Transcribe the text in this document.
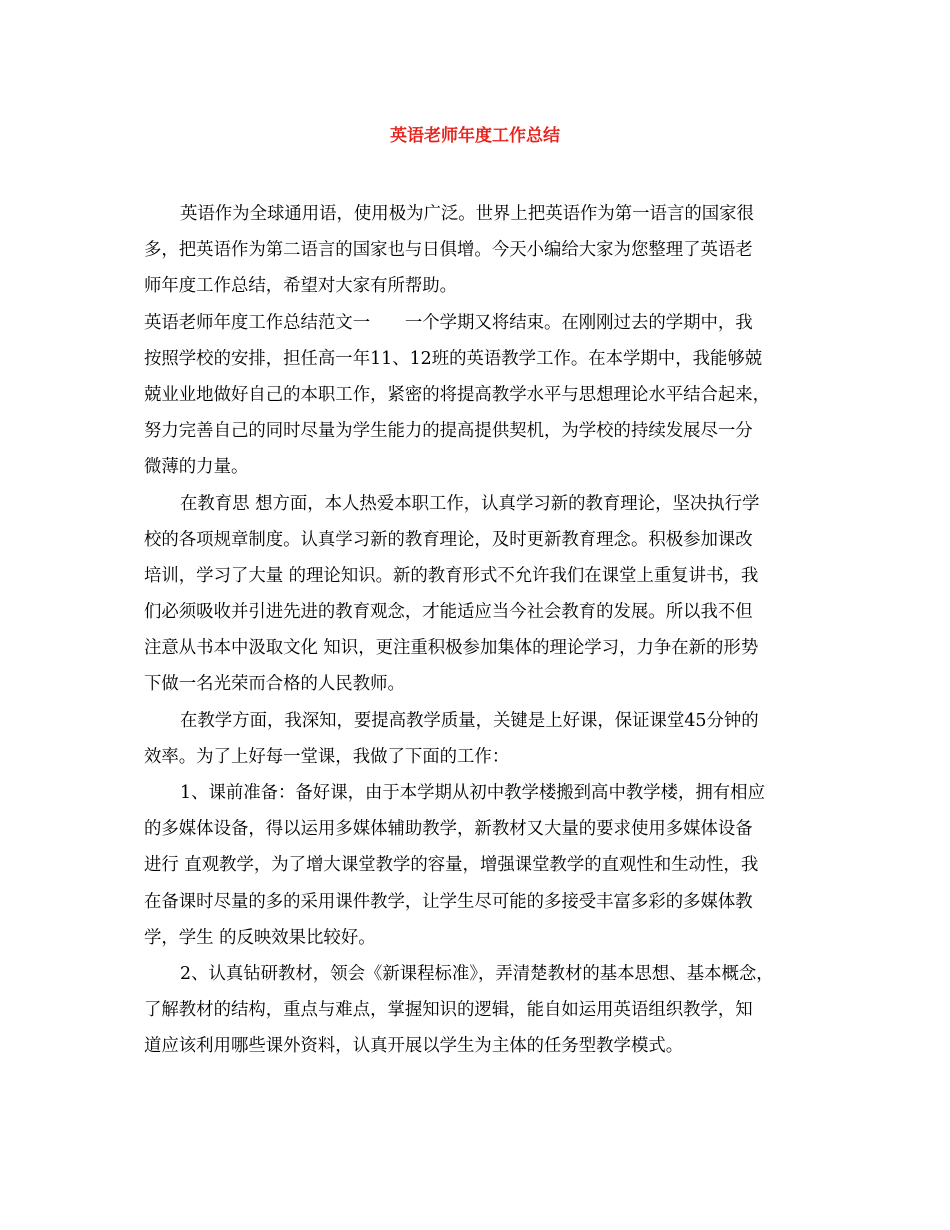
英语老师年度工作总结
英语作为全球通用语，使用极为广泛。世界上把英语作为第一语言的国家很
多，把英语作为第二语言的国家也与日俱增。今天小编给大家为您整理了英语老
师年度工作总结，希望对大家有所帮助。
英语老师年度工作总结范文一　　一个学期又将结束。在刚刚过去的学期中，我
按照学校的安排，担任高一年11、12班的英语教学工作。在本学期中，我能够兢
兢业业地做好自己的本职工作，紧密的将提高教学水平与思想理论水平结合起来，
努力完善自己的同时尽量为学生能力的提高提供契机，为学校的持续发展尽一分
微薄的力量。
在教育思 想方面，本人热爱本职工作，认真学习新的教育理论，坚决执行学
校的各项规章制度。认真学习新的教育理论，及时更新教育理念。积极参加课改
培训，学习了大量 的理论知识。新的教育形式不允许我们在课堂上重复讲书，我
们必须吸收并引进先进的教育观念，才能适应当今社会教育的发展。所以我不但
注意从书本中汲取文化 知识，更注重积极参加集体的理论学习，力争在新的形势
下做一名光荣而合格的人民教师。
在教学方面，我深知，要提高教学质量，关键是上好课，保证课堂45分钟的
效率。为了上好每一堂课，我做了下面的工作：
1、课前准备：备好课，由于本学期从初中教学楼搬到高中教学楼，拥有相应
的多媒体设备，得以运用多媒体辅助教学，新教材又大量的要求使用多媒体设备
进行 直观教学，为了增大课堂教学的容量，增强课堂教学的直观性和生动性，我
在备课时尽量的多的采用课件教学，让学生尽可能的多接受丰富多彩的多媒体教
学，学生 的反映效果比较好。
2、认真钻研教材，领会《新课程标准》，弄清楚教材的基本思想、基本概念，
了解教材的结构，重点与难点，掌握知识的逻辑，能自如运用英语组织教学，知
道应该利用哪些课外资料，认真开展以学生为主体的任务型教学模式。
